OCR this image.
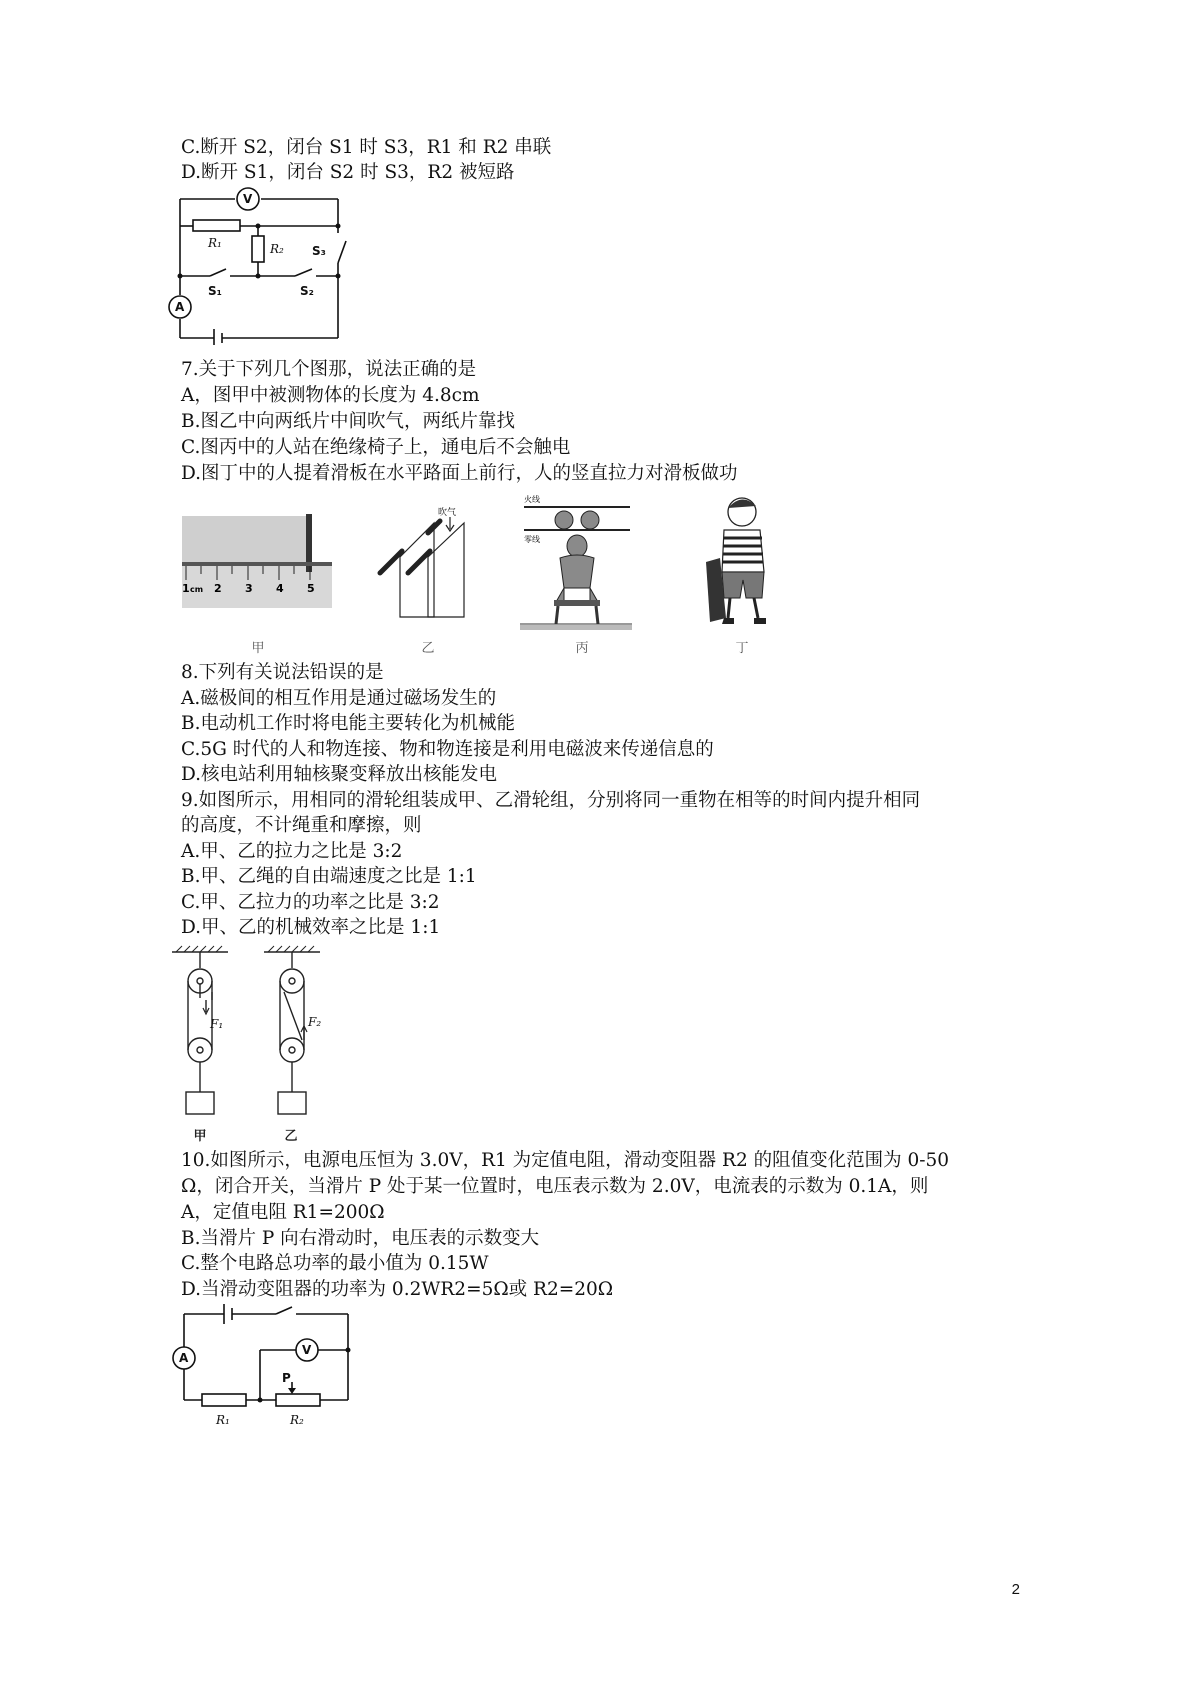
C.断开 S2，闭台 S1 时 S3，R1 和 R2 串联
D.断开 S1，闭台 S2 时 S3，R2 被短路
V
R₁	R₂ S₃
S₁	S₂
A
7.关于下列几个图那，说法正确的是
A，图甲中被测物体的长度为 4.8cm
B.图乙中向两纸片中间吹气，两纸片靠找
C.图丙中的人站在绝缘椅子上，通电后不会触电
D.图丁中的人提着滑板在水平路面上前行，人的竖直拉力对滑板做功
1 cm 2 3 4 5
吹气
火线
零线
甲	乙	丙	丁
8.下列有关说法铅误的是
A.磁极间的相互作用是通过磁场发生的
B.电动机工作时将电能主要转化为机械能
C.5G 时代的人和物连接、物和物连接是利用电磁波来传递信息的
D.核电站利用轴核聚变释放出核能发电
9.如图所示，用相同的滑轮组装成甲、乙滑轮组，分别将同一重物在相等的时间内提升相同
的高度，不计绳重和摩擦，则
A.甲、乙的拉力之比是 3:2
B.甲、乙绳的自由端速度之比是 1:1
C.甲、乙拉力的功率之比是 3:2
D.甲、乙的机械效率之比是 1:1
F₁	F₂
甲	乙
10.如图所示，电源电压恒为 3.0V，R1 为定值电阻，滑动变阻器 R2 的阻值变化范围为 0-50
Ω，闭合开关，当滑片 P 处于某一位置时，电压表示数为 2.0V，电流表的示数为 0.1A，则
A，定值电阻 R1=200Ω
B.当滑片 P 向右滑动时，电压表的示数变大
C.整个电路总功率的最小值为 0.15W
D.当滑动变阻器的功率为 0.2WR2=5Ω或 R2=20Ω
V
A
P
R₁	R₂
2
